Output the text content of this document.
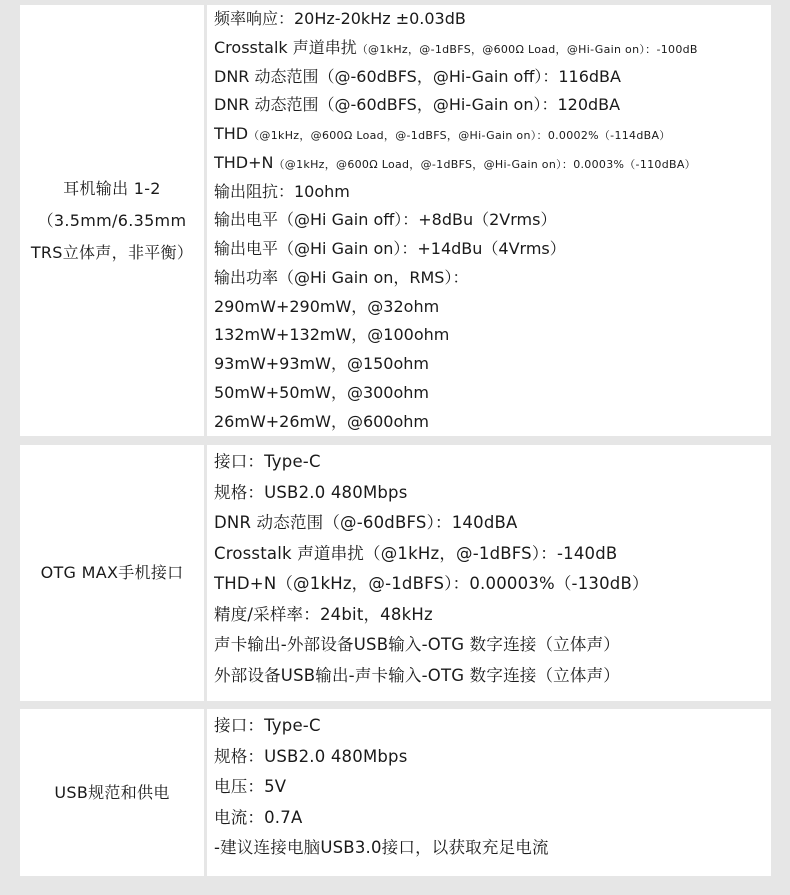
耳机输出 1-2
（3.5mm/6.35mm
TRS立体声，非平衡）
频率响应：20Hz-20kHz ±0.03dB
Crosstalk 声道串扰（@1kHz，@-1dBFS，@600Ω Load，@Hi-Gain on）：-100dB
DNR 动态范围（@-60dBFS，@Hi-Gain off）：116dBA
DNR 动态范围（@-60dBFS，@Hi-Gain on）：120dBA
THD（@1kHz，@600Ω Load，@-1dBFS，@Hi-Gain on）：0.0002%（-114dBA）
THD+N（@1kHz，@600Ω Load，@-1dBFS，@Hi-Gain on）：0.0003%（-110dBA）
输出阻抗：10ohm
输出电平（@Hi Gain off）：+8dBu（2Vrms）
输出电平（@Hi Gain on）：+14dBu（4Vrms）
输出功率（@Hi Gain on，RMS）：
290mW+290mW，@32ohm
132mW+132mW，@100ohm
93mW+93mW，@150ohm
50mW+50mW，@300ohm
26mW+26mW，@600ohm
OTG MAX手机接口
接口：Type-C
规格：USB2.0 480Mbps
DNR 动态范围（@-60dBFS）：140dBA
Crosstalk 声道串扰（@1kHz，@-1dBFS）：-140dB
THD+N（@1kHz，@-1dBFS）：0.00003%（-130dB）
精度/采样率：24bit，48kHz
声卡输出-外部设备USB输入-OTG 数字连接（立体声）
外部设备USB输出-声卡输入-OTG 数字连接（立体声）
USB规范和供电
接口：Type-C
规格：USB2.0 480Mbps
电压：5V
电流：0.7A
-建议连接电脑USB3.0接口，以获取充足电流
